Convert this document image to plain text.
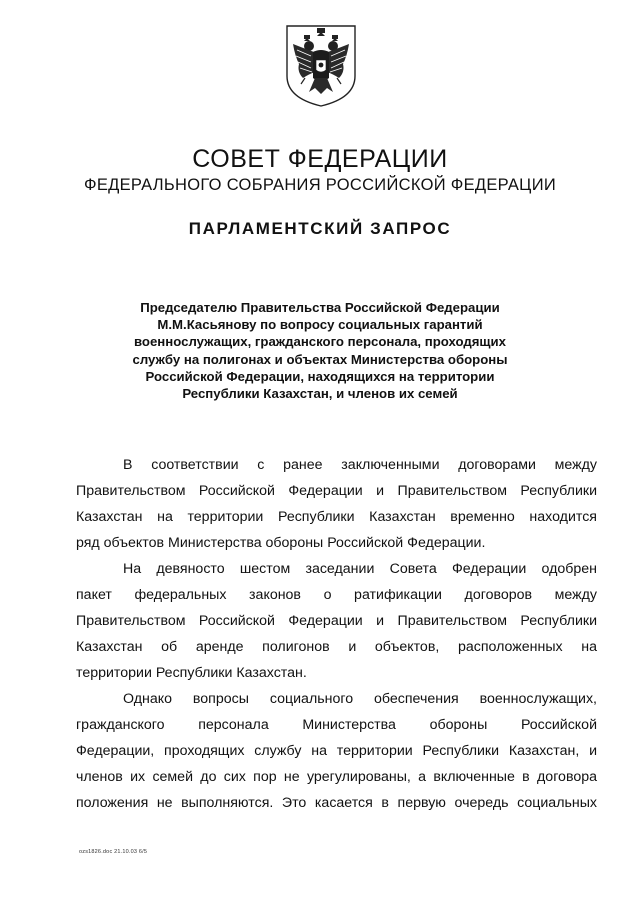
СОВЕТ ФЕДЕРАЦИИ
ФЕДЕРАЛЬНОГО СОБРАНИЯ РОССИЙСКОЙ ФЕДЕРАЦИИ
ПАРЛАМЕНТСКИЙ ЗАПРОС
Председателю Правительства Российской Федерации
М.М.Касьянову по вопросу социальных гарантий
военнослужащих, гражданского персонала, проходящих
службу на полигонах и объектах Министерства обороны
Российской Федерации, находящихся на территории
Республики Казахстан, и членов их семей
В соответствии с ранее заключенными договорами между
Правительством Российской Федерации и Правительством Республики
Казахстан на территории Республики Казахстан временно находится
ряд объектов Министерства обороны Российской Федерации.
На девяносто шестом заседании Совета Федерации одобрен
пакет федеральных законов о ратификации договоров между
Правительством Российской Федерации и Правительством Республики
Казахстан об аренде полигонов и объектов, расположенных на
территории Республики Казахстан.
Однако вопросы социального обеспечения военнослужащих,
гражданского персонала Министерства обороны Российской
Федерации, проходящих службу на территории Республики Казахстан, и
членов их семей до сих пор не урегулированы, а включенные в договора
положения не выполняются. Это касается в первую очередь социальных
ozs1826.doc 21.10.03 6/5
